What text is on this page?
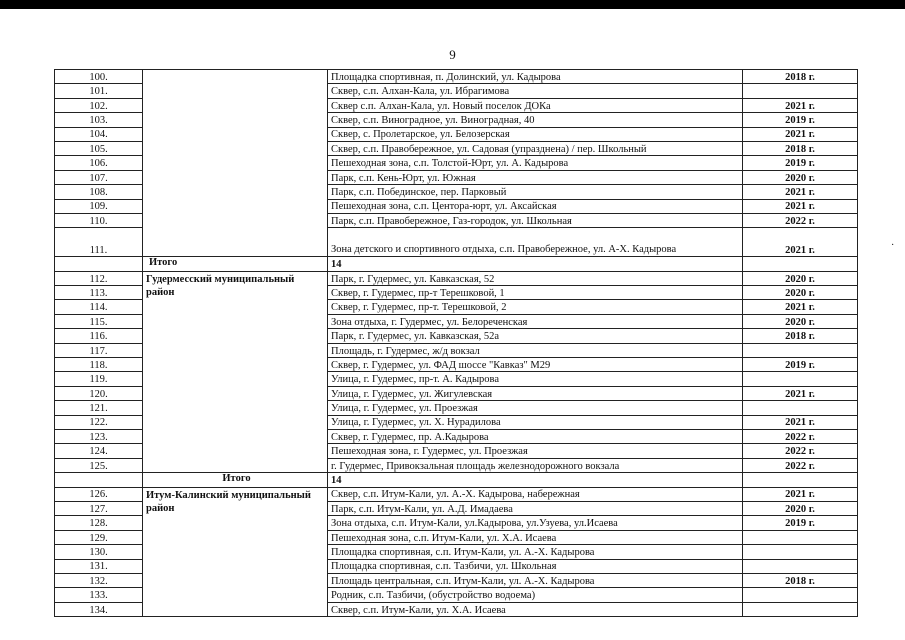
9
·
100.		Площадка спортивная, п. Долинский, ул. Кадырова	2018 г.
101.		Сквер, с.п. Алхан-Кала, ул. Ибрагимова	
102.		Сквер с.п. Алхан-Кала, ул. Новый поселок ДОКа	2021 г.
103.		Сквер, с.п. Виноградное, ул. Виноградная, 40	2019 г.
104.		Сквер, с. Пролетарское, ул. Белозерская	2021 г.
105.		Сквер, с.п. Правобережное, ул. Садовая (упразднена) / пер. Школьный	2018 г.
106.		Пешеходная зона, с.п. Толстой-Юрт, ул. А. Кадырова	2019 г.
107.		Парк, с.п. Кень-Юрт, ул. Южная	2020 г.
108.		Парк, с.п. Побединское, пер. Парковый	2021 г.
109.		Пешеходная зона, с.п. Центора-юрт, ул. Аксайская	2021 г.
110.		Парк, с.п. Правобережное, Газ-городок, ул. Школьная	2022 г.
111.		Зона детского и спортивного отдыха, с.п. Правобережное, ул. А-Х. Кадырова	2021 г.
	Итого	14	
112.	Гудермесский муниципальный район	Парк, г. Гудермес, ул. Кавказская, 52	2020 г.
113.		Сквер, г. Гудермес, пр-т Терешковой, 1	2020 г.
114.		Сквер, г. Гудермес, пр-т. Терешковой, 2	2021 г.
115.		Зона отдыха, г. Гудермес, ул. Белореченская	2020 г.
116.		Парк, г. Гудермес, ул. Кавказская, 52а	2018 г.
117.		Площадь, г. Гудермес, ж/д вокзал	
118.		Сквер, г. Гудермес, ул. ФАД шоссе "Кавказ" М29	2019 г.
119.		Улица, г. Гудермес, пр-т. А. Кадырова	
120.		Улица, г. Гудермес, ул. Жигулевская	2021 г.
121.		Улица, г. Гудермес, ул. Проезжая	
122.		Улица, г. Гудермес, ул. Х. Нурадилова	2021 г.
123.		Сквер, г. Гудермес, пр. А.Кадырова	2022 г.
124.		Пешеходная зона, г. Гудермес, ул. Проезжая	2022 г.
125.		г. Гудермес, Привокзальная площадь железнодорожного вокзала	2022 г.
	Итого	14	
126.	Итум-Калинский муниципальный район	Сквер, с.п. Итум-Кали, ул. А.-Х. Кадырова, набережная	2021 г.
127.		Парк, с.п. Итум-Кали, ул. А.Д. Имадаева	2020 г.
128.		Зона отдыха, с.п. Итум-Кали, ул.Кадырова, ул.Узуева, ул.Исаева	2019 г.
129.		Пешеходная зона, с.п. Итум-Кали, ул. Х.А. Исаева	
130.		Площадка спортивная, с.п. Итум-Кали, ул. А.-Х. Кадырова	
131.		Площадка спортивная, с.п. Тазбичи, ул. Школьная	
132.		Площадь центральная, с.п. Итум-Кали, ул. А.-Х. Кадырова	2018 г.
133.		Родник, с.п. Тазбичи, (обустройство водоема)	
134.		Сквер, с.п. Итум-Кали, ул. Х.А. Исаева	
